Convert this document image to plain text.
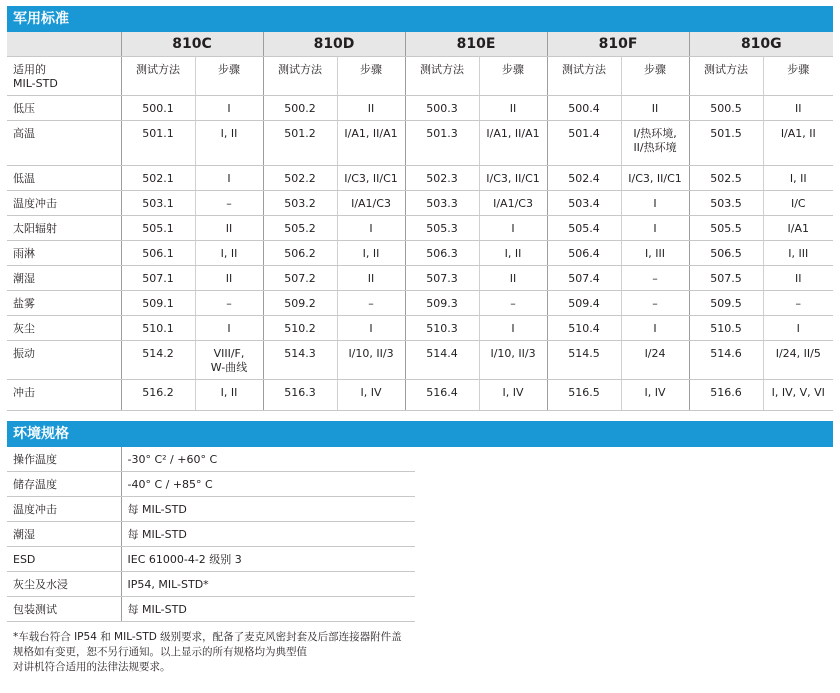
军用标准
	810C		810D		810E		810F		810G	
适用的
MIL-STD	测试方法	步骤	测试方法	步骤	测试方法	步骤	测试方法	步骤	测试方法	步骤
低压	500.1	I	500.2	II	500.3	II	500.4	II	500.5	II
高温	501.1	I, II	501.2	I/A1, II/A1	501.3	I/A1, II/A1	501.4	I/热环境,
II/热环境	501.5	I/A1, II
低温	502.1	I	502.2	I/C3, II/C1	502.3	I/C3, II/C1	502.4	I/C3, II/C1	502.5	I, II
温度冲击	503.1	–	503.2	I/A1/C3	503.3	I/A1/C3	503.4	I	503.5	I/C
太阳辐射	505.1	II	505.2	I	505.3	I	505.4	I	505.5	I/A1
雨淋	506.1	I, II	506.2	I, II	506.3	I, II	506.4	I, III	506.5	I, III
潮湿	507.1	II	507.2	II	507.3	II	507.4	–	507.5	II
盐雾	509.1	–	509.2	–	509.3	–	509.4	–	509.5	–
灰尘	510.1	I	510.2	I	510.3	I	510.4	I	510.5	I
振动	514.2	VIII/F,
W-曲线	514.3	I/10, II/3	514.4	I/10, II/3	514.5	I/24	514.6	I/24, II/5
冲击	516.2	I, II	516.3	I, IV	516.4	I, IV	516.5	I, IV	516.6	I, IV, V, VI
环境规格
操作温度	-30° C² / +60° C
储存温度	-40° C / +85° C
温度冲击	每 MIL-STD
潮湿	每 MIL-STD
ESD	IEC 61000-4-2 级别 3
灰尘及水浸	IP54, MIL-STD*
包装测试	每 MIL-STD
*车载台符合 IP54 和 MIL-STD 级别要求，配备了麦克风密封套及后部连接器附件盖
规格如有变更，恕不另行通知。以上显示的所有规格均为典型值
对讲机符合适用的法律法规要求。
